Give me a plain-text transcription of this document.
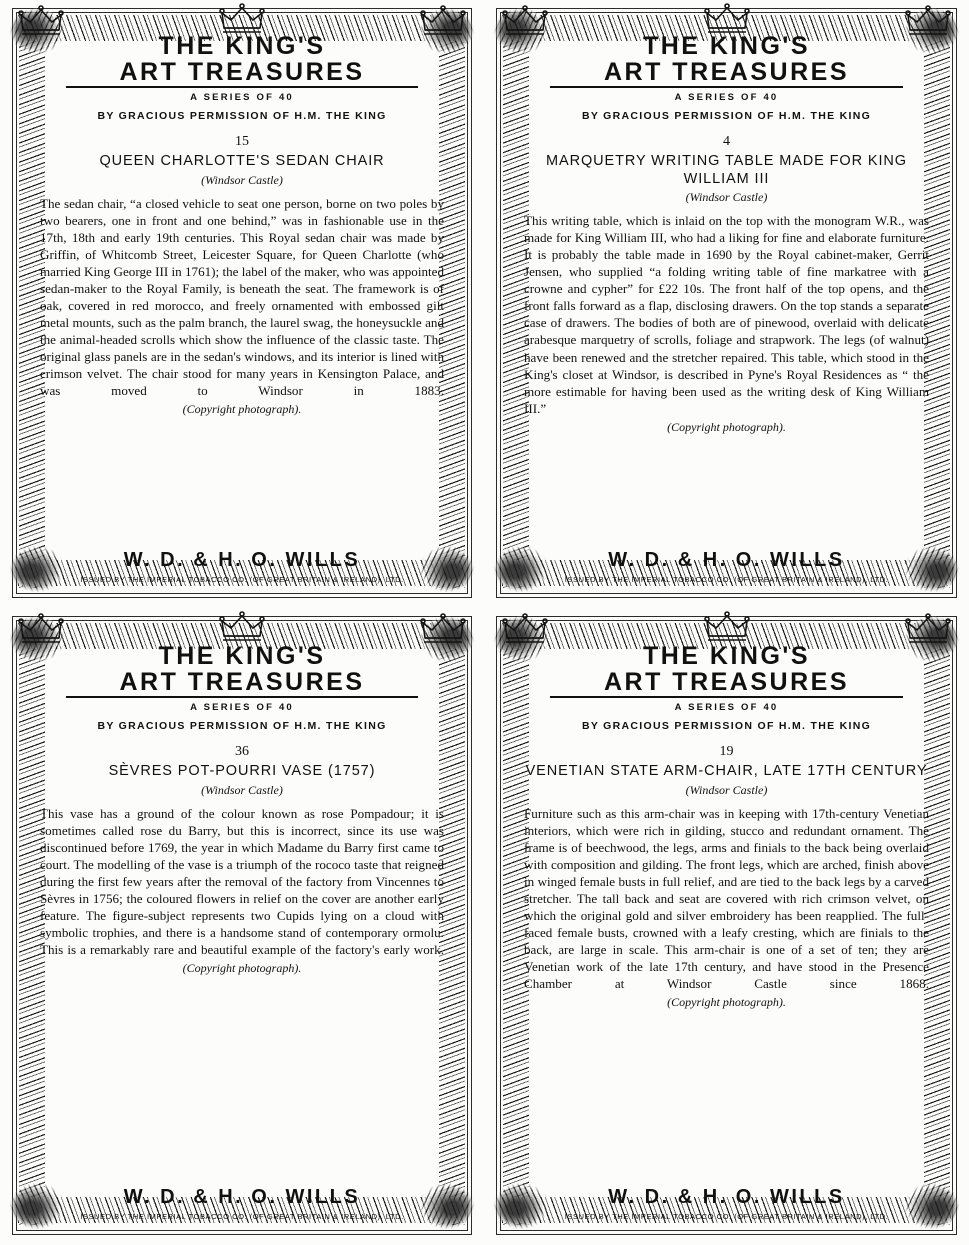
THE KING'S
ART TREASURES
A SERIES OF 40
BY GRACIOUS PERMISSION OF H.M. THE KING
15
QUEEN CHARLOTTE'S SEDAN CHAIR
(Windsor Castle)
The sedan chair, “a closed vehicle to seat one person, borne on two poles by two bearers, one in front and one behind,” was in fashionable use in the 17th, 18th and early 19th centuries. This Royal sedan chair was made by Griffin, of Whitcomb Street, Leicester Square, for Queen Charlotte (who married King George III in 1761); the label of the maker, who was appointed sedan-maker to the Royal Family, is beneath the seat. The framework is of oak, covered in red morocco, and freely ornamented with embossed gilt metal mounts, such as the palm branch, the laurel swag, the honeysuckle and the animal-headed scrolls which show the influence of the classic taste. The original glass panels are in the sedan's windows, and its interior is lined with crimson velvet. The chair stood for many years in Kensington Palace, and was moved to Windsor in 1883.
(Copyright photograph).
W. D. & H. O. WILLS
ISSUED BY THE IMPERIAL TOBACCO CO. (OF GREAT BRITAIN & IRELAND), LTD.
THE KING'S
ART TREASURES
A SERIES OF 40
BY GRACIOUS PERMISSION OF H.M. THE KING
4
MARQUETRY WRITING TABLE MADE FOR KING WILLIAM III
(Windsor Castle)
This writing table, which is inlaid on the top with the monogram W.R., was made for King William III, who had a liking for fine and elaborate furniture. It is probably the table made in 1690 by the Royal cabinet-maker, Gerrit Jensen, who supplied “a folding writing table of fine markatree with a crowne and cypher” for £22 10s. The front half of the top opens, and the front falls forward as a flap, disclosing drawers. On the top stands a separate case of drawers. The bodies of both are of pinewood, overlaid with delicate arabesque marquetry of scrolls, foliage and strapwork. The legs (of walnut) have been renewed and the stretcher repaired. This table, which stood in the King's closet at Windsor, is described in Pyne's Royal Residences as “ the more estimable for having been used as the writing desk of King William III.”
(Copyright photograph).
W. D. & H. O. WILLS
ISSUED BY THE IMPERIAL TOBACCO CO. (OF GREAT BRITAIN & IRELAND), LTD.
THE KING'S
ART TREASURES
A SERIES OF 40
BY GRACIOUS PERMISSION OF H.M. THE KING
36
SÈVRES POT-POURRI VASE (1757)
(Windsor Castle)
This vase has a ground of the colour known as rose Pompadour; it is sometimes called rose du Barry, but this is incorrect, since its use was discontinued before 1769, the year in which Madame du Barry first came to court. The modelling of the vase is a triumph of the rococo taste that reigned during the first few years after the removal of the factory from Vincennes to Sèvres in 1756; the coloured flowers in relief on the cover are another early feature. The figure-subject represents two Cupids lying on a cloud with symbolic trophies, and there is a handsome stand of contemporary ormolu. This is a remarkably rare and beautiful example of the factory's early work.
(Copyright photograph).
W. D. & H. O. WILLS
ISSUED BY THE IMPERIAL TOBACCO CO. (OF GREAT BRITAIN & IRELAND), LTD.
THE KING'S
ART TREASURES
A SERIES OF 40
BY GRACIOUS PERMISSION OF H.M. THE KING
19
VENETIAN STATE ARM-CHAIR, LATE 17TH CENTURY
(Windsor Castle)
Furniture such as this arm-chair was in keeping with 17th-century Venetian interiors, which were rich in gilding, stucco and redundant ornament. The frame is of beechwood, the legs, arms and finials to the back being overlaid with composition and gilding. The front legs, which are arched, finish above in winged female busts in full relief, and are tied to the back legs by a carved stretcher. The tall back and seat are covered with rich crimson velvet, on which the original gold and silver embroidery has been reapplied. The full-faced female busts, crowned with a leafy cresting, which are finials to the back, are large in scale. This arm-chair is one of a set of ten; they are Venetian work of the late 17th century, and have stood in the Presence Chamber at Windsor Castle since 1868.
(Copyright photograph).
W. D. & H. O. WILLS
ISSUED BY THE IMPERIAL TOBACCO CO. (OF GREAT BRITAIN & IRELAND), LTD.
